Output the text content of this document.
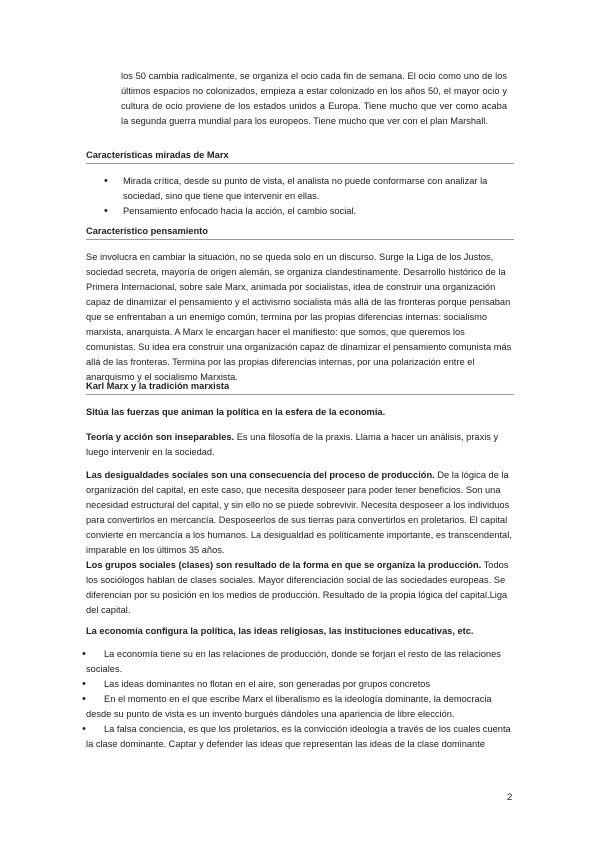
los 50 cambia radicalmente, se organiza el ocio cada fin de semana. El ocio como uno de los últimos espacios no colonizados, empieza a estar colonizado en los años 50, el mayor ocio y cultura de ocio proviene de los estados unidos a Europa. Tiene mucho que ver como acaba la segunda guerra mundial para los europeos. Tiene mucho que ver con el plan Marshall.

Características miradas de Marx
• Mirada crítica, desde su punto de vista, el analista no puede conformarse con analizar la sociedad, sino que tiene que intervenir en ellas.
• Pensamiento enfocado hacia la acción, el cambio social.
Característico pensamiento

Se involucra en cambiar la situación, no se queda solo en un discurso. Surge la Liga de los Justos, sociedad secreta, mayoría de origen alemán, se organiza clandestinamente. Desarrollo histórico de la Primera Internacional, sobre sale Marx, animada por socialistas, idea de construir una organización capaz de dinamizar el pensamiento y el activismo socialista más allá de las fronteras porque pensaban que se enfrentaban a un enemigo común, termina por las propias diferencias internas: socialismo marxista, anarquista. A Marx le encargan hacer el manifiesto: que somos, que queremos los comunistas. Su idea era construir una organización capaz de dinamizar el pensamiento comunista más allá de las fronteras. Termina por las propias diferencias internas, por una polarización entre el anarquismo y el socialismo Marxista.

Karl Marx y la tradición marxista

Sitúa las fuerzas que animan la política en la esfera de la economía.

Teoría y acción son inseparables. Es una filosofía de la praxis. Llama a hacer un análisis, praxis y luego intervenir en la sociedad.

Las desigualdades sociales son una consecuencia del proceso de producción. De la lógica de la organización del capital, en este caso, que necesita desposeer para poder tener beneficios. Son una necesidad estructural del capital, y sin ello no se puede sobrevivir. Necesita desposeer a los individuos para convertirlos en mercancía. Desposeerlos de sus tierras para convertirlos en proletarios. El capital convierte en mercancía a los humanos. La desigualdad es políticamente importante, es transcendental, imparable en los últimos 35 años.

Los grupos sociales (clases) son resultado de la forma en que se organiza la producción. Todos los sociólogos hablan de clases sociales. Mayor diferenciación social de las sociedades europeas. Se diferencian por su posición en los medios de producción. Resultado de la propia lógica del capital.Liga del capital.

La economía configura la política, las ideas religiosas, las instituciones educativas, etc.

• La economía tiene su en las relaciones de producción, donde se forjan el resto de las relaciones sociales.
• Las ideas dominantes no flotan en el aire, son generadas por grupos concretos
• En el momento en el que escribe Marx el liberalismo es la ideología dominante, la democracia desde su punto de vista es un invento burgués dándoles una apariencia de libre elección.
• La falsa conciencia, es que los proletarios, es la convicción ideología a través de los cuales cuenta la clase dominante. Captar y defender las ideas que representan las ideas de la clase dominante
2
